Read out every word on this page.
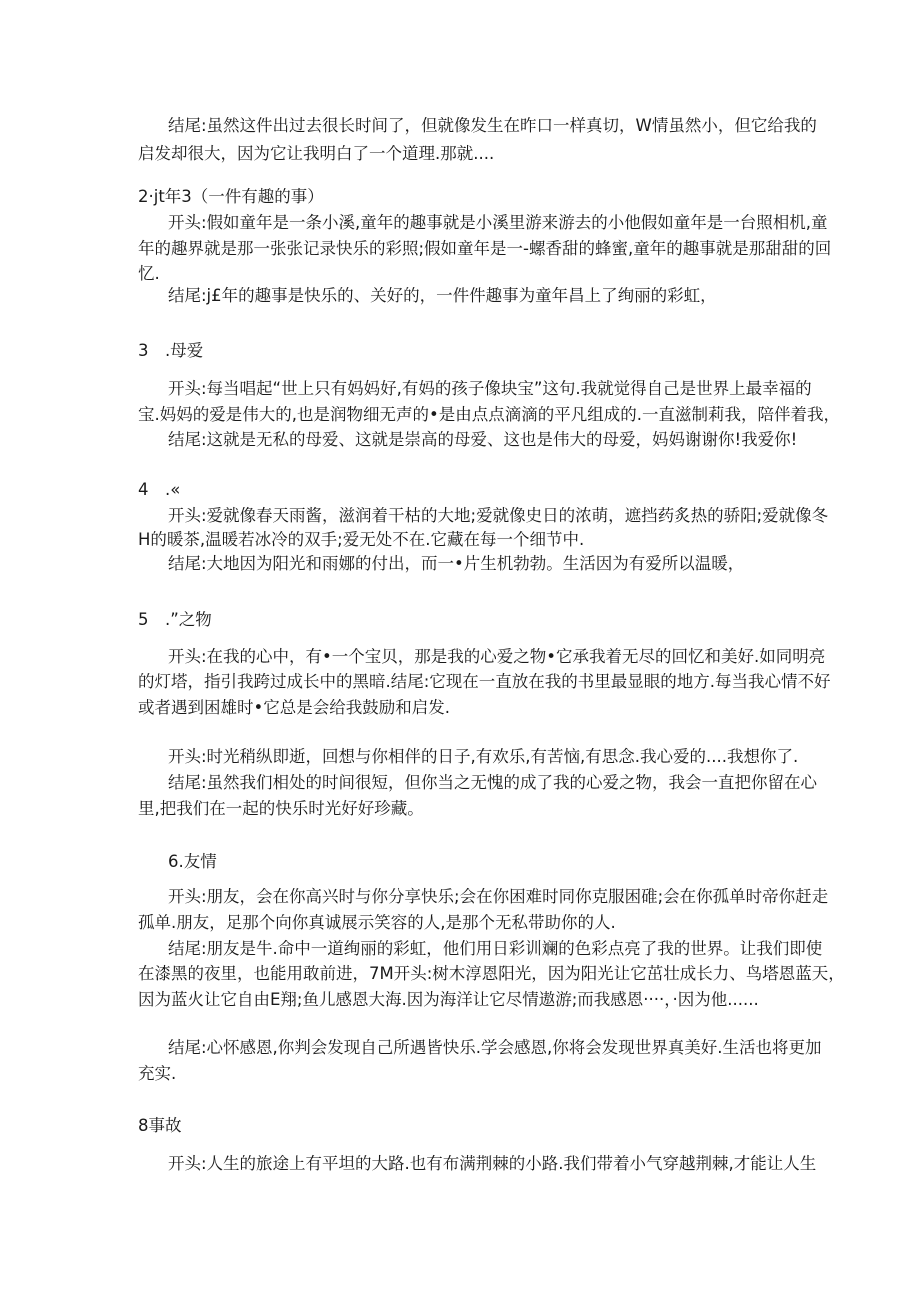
结尾:虽然这件出过去很长时间了，但就像发生在昨口一样真切，W情虽然小，但它给我的
启发却很大，因为它让我明白了一个道理.那就....
2·jt年3（一件有趣的事）
开头:假如童年是一条小溪,童年的趣事就是小溪里游来游去的小他假如童年是一台照相机,童
年的趣界就是那一张张记录快乐的彩照;假如童年是一-螺香甜的蜂蜜,童年的趣事就是那甜甜的回
忆.
结尾:j£年的趣事是快乐的、关好的，一件件趣事为童年昌上了绚丽的彩虹，
3　.母爱
开头:每当唱起“世上只有妈妈好,有妈的孩子像块宝”这句.我就觉得自己是世界上最幸福的
宝.妈妈的爱是伟大的,也是润物细无声的•是由点点滴滴的平凡组成的.一直滋制莉我，陪伴着我，
结尾:这就是无私的母爱、这就是崇高的母爱、这也是伟大的母爱，妈妈谢谢你!我爱你!
4　.«
开头:爱就像春天雨酱，滋润着干枯的大地;爱就像史日的浓萌，遮挡药炙热的骄阳;爱就像冬
H的暖茶,温暖若冰冷的双手;爱无处不在.它藏在每一个细节中.
结尾:大地因为阳光和雨娜的付出，而一•片生机勃勃。生活因为有爱所以温暖，
5　.”之物
开头:在我的心中，有•一个宝贝，那是我的心爱之物•它承我着无尽的回忆和美好.如同明亮
的灯塔，指引我跨过成长中的黑暗.结尾:它现在一直放在我的书里最显眼的地方.每当我心情不好
或者遇到困雄时•它总是会给我鼓励和启发.
开头:时光稍纵即逝，回想与你相伴的日子,有欢乐,有苦恼,有思念.我心爱的....我想你了.
结尾:虽然我们相处的时间很短，但你当之无愧的成了我的心爱之物，我会一直把你留在心
里,把我们在一起的快乐时光好好珍藏。
6.友情
开头:朋友，会在你高兴时与你分享快乐;会在你困难时同你克服困碓;会在你孤单时帝你赶走
孤单.朋友，足那个向你真诚展示笑容的人,是那个无私带助你的人.
结尾:朋友是牛.命中一道绚丽的彩虹，他们用日彩训斓的色彩点亮了我的世界。让我们即使
在漆黑的夜里，也能用敢前进，7M开头:树木淳恩阳光，因为阳光让它茁壮成长力、鸟塔恩蓝天，
因为蓝火让它自由E翔;鱼儿感恩大海.因为海洋让它尽情遨游;而我感恩····，·因为他......
结尾:心怀感恩,你判会发现自己所遇皆快乐.学会感恩,你将会发现世界真美好.生活也将更加
充实.
8事故
开头:人生的旅途上有平坦的大路.也有布满荆棘的小路.我们带着小气穿越荆棘,才能让人生
